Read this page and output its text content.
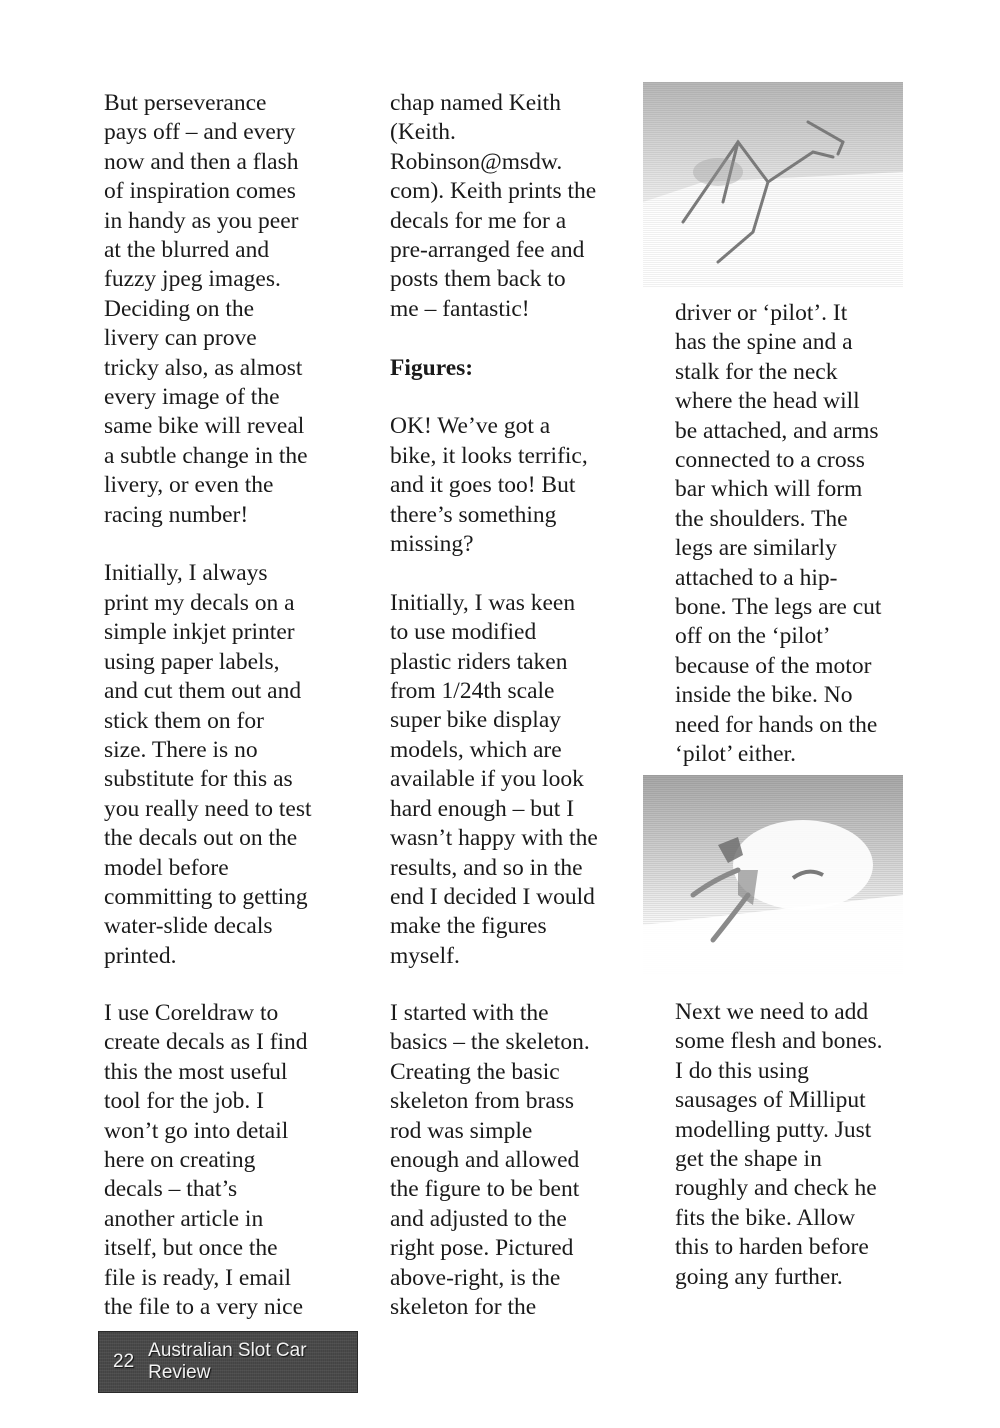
But perseverance
pays off – and every
now and then a flash
of inspiration comes
in handy as you peer
at the blurred and
fuzzy jpeg images.
Deciding on the
livery can prove
tricky also, as almost
every image of the
same bike will reveal
a subtle change in the
livery, or even the
racing number!

Initially, I always
print my decals on a
simple inkjet printer
using paper labels,
and cut them out and
stick them on for
size. There is no
substitute for this as
you really need to test
the decals out on the
model before
committing to getting
water-slide decals
printed.

I use Coreldraw to
create decals as I find
this the most useful
tool for the job. I
won’t go into detail
here on creating
decals – that’s
another article in
itself, but once the
file is ready, I email
the file to a very nice

chap named Keith
(Keith.
Robinson@msdw.
com). Keith prints the
decals for me for a
pre-arranged fee and
posts them back to
me – fantastic!

Figures:

OK! We’ve got a
bike, it looks terrific,
and it goes too! But
there’s something
missing?

Initially, I was keen
to use modified
plastic riders taken
from 1/24th scale
super bike display
models, which are
available if you look
hard enough – but I
wasn’t happy with the
results, and so in the
end I decided I would
make the figures
myself.

I started with the
basics – the skeleton.
Creating the basic
skeleton from brass
rod was simple
enough and allowed
the figure to be bent
and adjusted to the
right pose. Pictured
above-right, is the
skeleton for the

driver or ‘pilot’. It
has the spine and a
stalk for the neck
where the head will
be attached, and arms
connected to a cross
bar which will form
the shoulders. The
legs are similarly
attached to a hip-
bone. The legs are cut
off on the ‘pilot’
because of the motor
inside the bike. No
need for hands on the
‘pilot’ either.

Next we need to add
some flesh and bones.
I do this using
sausages of Milliput
modelling putty. Just
get the shape in
roughly and check he
fits the bike. Allow
this to harden before
going any further.

22
Australian Slot Car Review
